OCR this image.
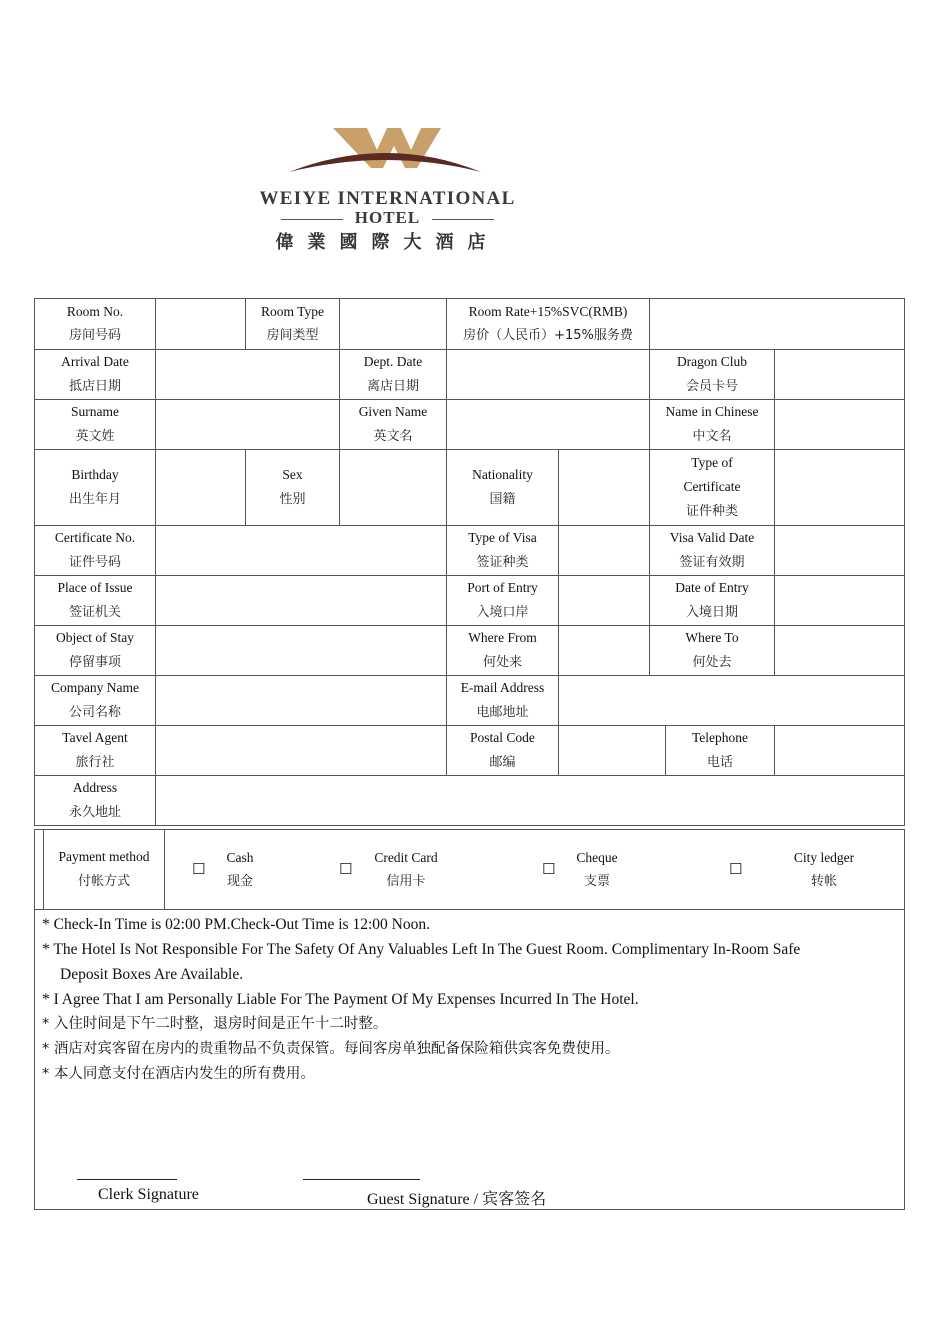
WEIYE INTERNATIONAL
HOTEL
偉業國際大酒店
Room No.
房间号码
Room Type
房间类型
Room Rate+15%SVC(RMB)
房价（人民币）+15%服务费
Arrival Date
抵店日期
Dept. Date
离店日期
Dragon Club
会员卡号
Surname
英文姓
Given Name
英文名
Name in Chinese
中文名
Birthday
出生年月
Sex
性别
Nationality
国籍
Type of
Certificate
证件种类
Certificate No.
证件号码
Type of Visa
签证种类
Visa Valid Date
签证有效期
Place of Issue
签证机关
Port of Entry
入境口岸
Date of Entry
入境日期
Object of Stay
停留事项
Where From
何处来
Where To
何处去
Company Name
公司名称
E-mail Address
电邮地址
Tavel Agent
旅行社
Postal Code
邮编
Telephone
电话
Address
永久地址
Payment method
付帐方式
☐
Cash
现金
☐
Credit Card
信用卡
☐
Cheque
支票
☐
City ledger
转帐

* Check-In Time is 02:00 PM.Check-Out Time is 12:00 Noon.

* The Hotel Is Not Responsible For The Safety Of Any Valuables Left In The Guest Room. Complimentary In-Room Safe

Deposit Boxes Are Available.

* I Agree That I am Personally Liable For The Payment Of My Expenses Incurred In The Hotel.

* 入住时间是下午二时整，退房时间是正午十二时整。

* 酒店对宾客留在房内的贵重物品不负责保管。每间客房单独配备保险箱供宾客免费使用。

* 本人同意支付在酒店内发生的所有费用。

Clerk Signature	Guest Signature / 宾客签名
